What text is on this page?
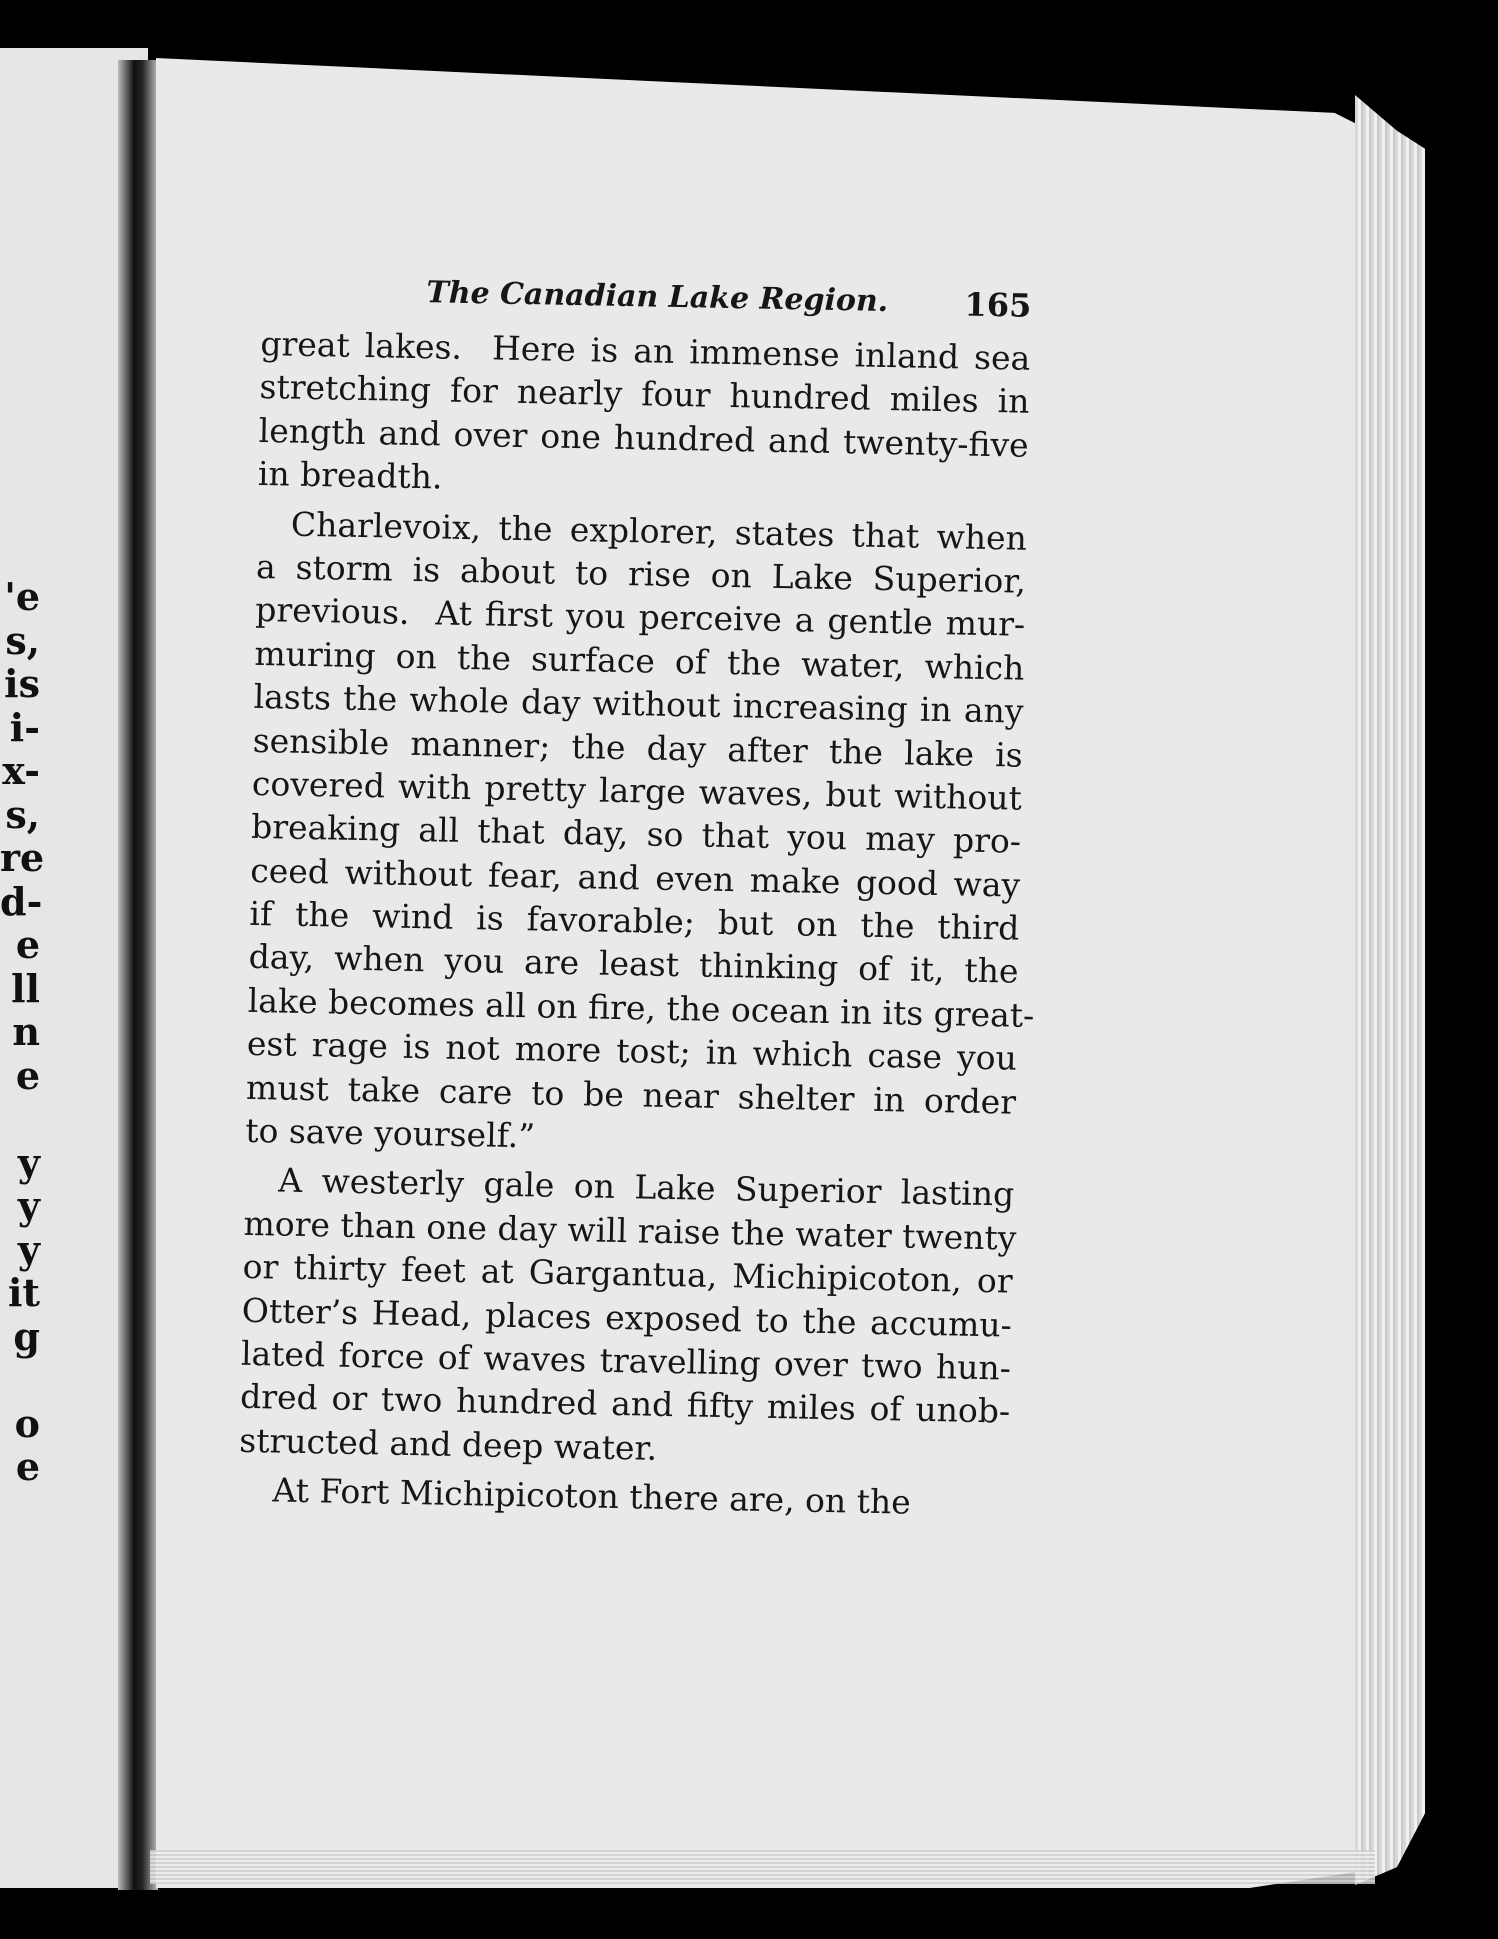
'e
s,
is
i-
x-
s,
re
d-
e
ll
n
e
y
y
y
it
g
o
e
The Canadian Lake Region. 165
great lakes.  Here is an immense inland sea
stretching for nearly four hundred miles in
length and over one hundred and twenty-five
in breadth.
Charlevoix, the explorer, states that when
a storm is about to rise on Lake Superior,
previous.  At first you perceive a gentle mur-
muring on the surface of the water, which
lasts the whole day without increasing in any
sensible manner; the day after the lake is
covered with pretty large waves, but without
breaking all that day, so that you may pro-
ceed without fear, and even make good way
if the wind is favorable; but on the third
day, when you are least thinking of it, the
lake becomes all on fire, the ocean in its great-
est rage is not more tost; in which case you
must take care to be near shelter in order
to save yourself.”
A westerly gale on Lake Superior lasting
more than one day will raise the water twenty
or thirty feet at Gargantua, Michipicoton, or
Otter’s Head, places exposed to the accumu-
lated force of waves travelling over two hun-
dred or two hundred and fifty miles of unob-
structed and deep water.
At Fort Michipicoton there are, on the
